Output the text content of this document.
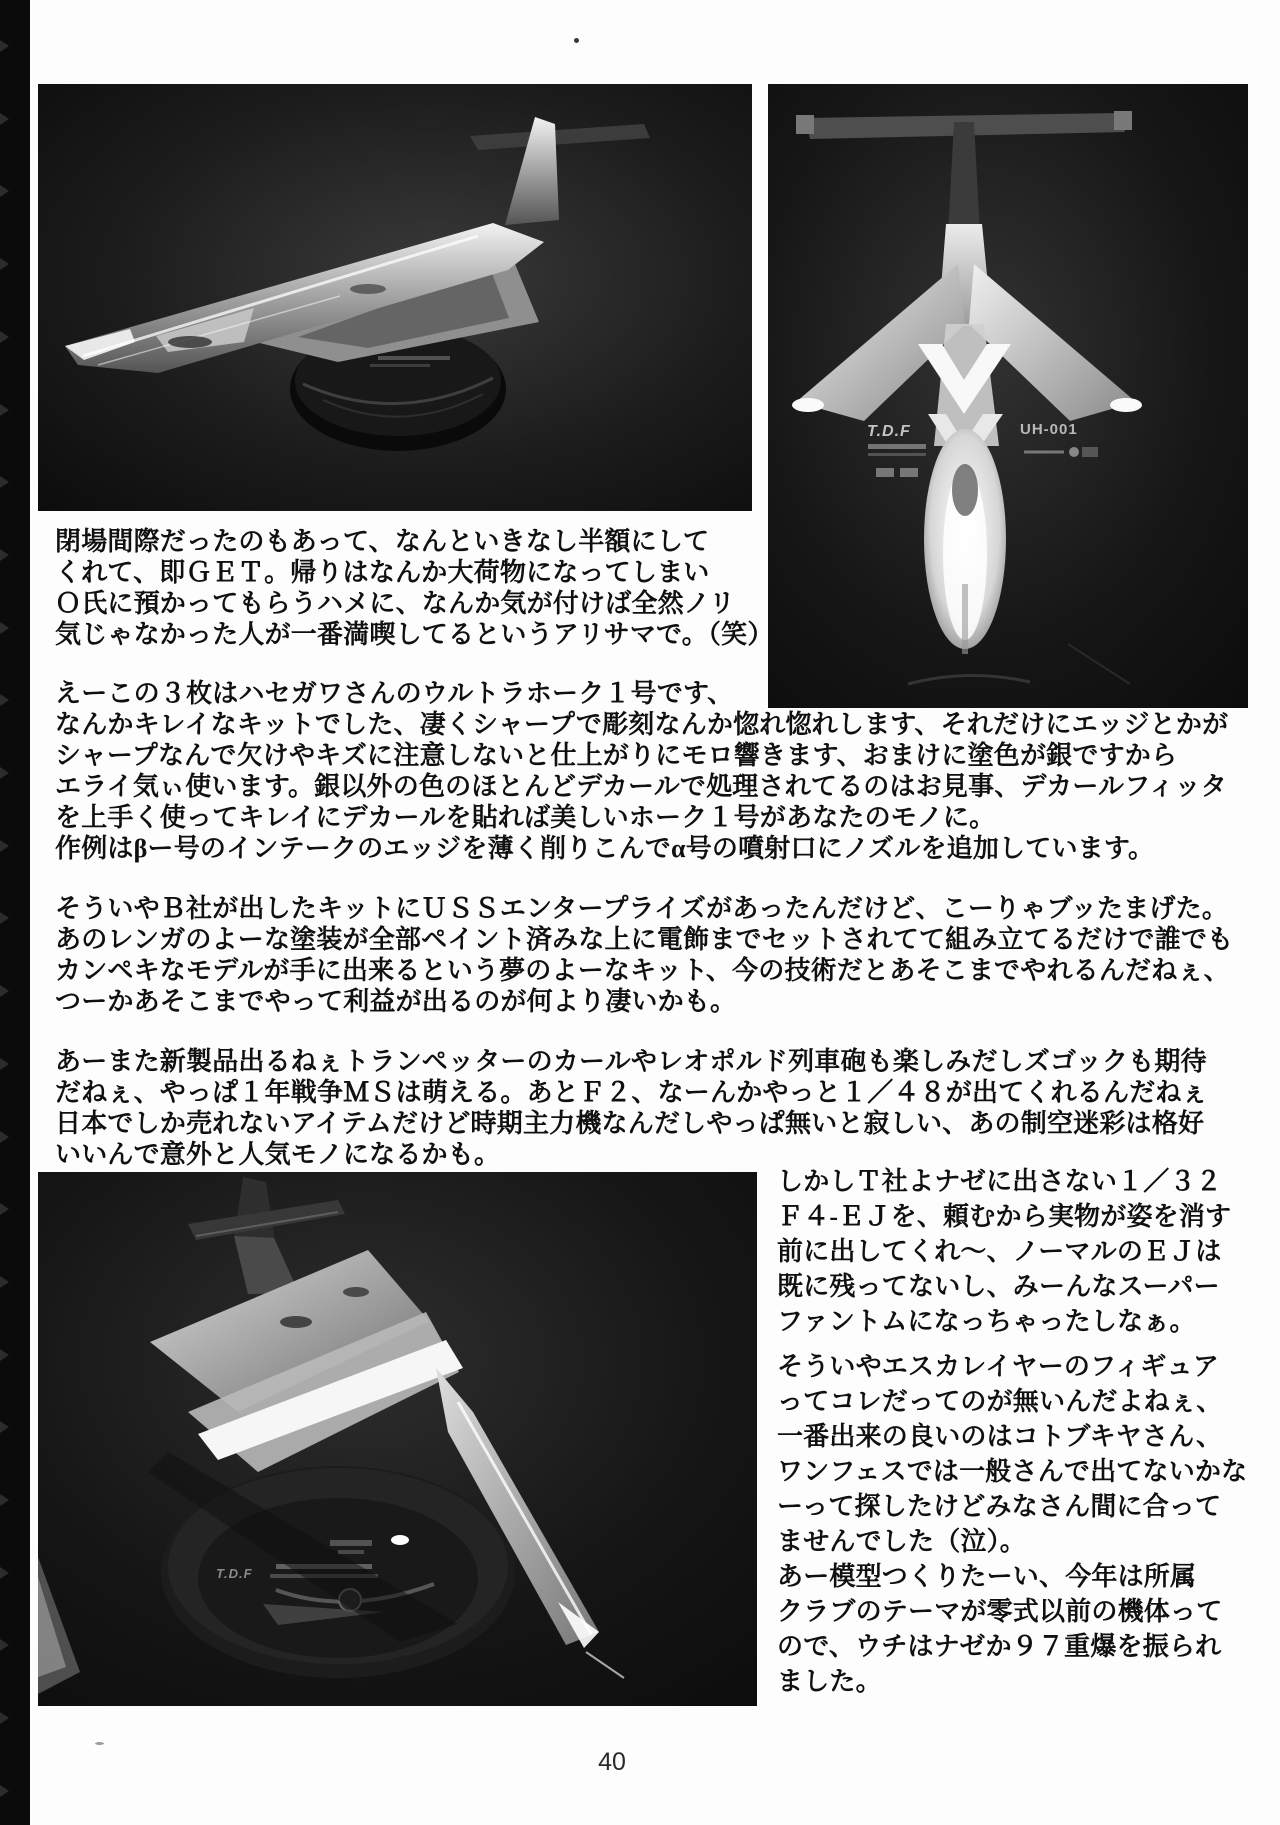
T.D.F	UH-001
T.D.F
閉場間際だったのもあって、なんといきなし半額にして
くれて、即ＧＥＴ。帰りはなんか大荷物になってしまい
Ｏ氏に預かってもらうハメに、なんか気が付けば全然ノリ
気じゃなかった人が一番満喫してるというアリサマで。（笑）
えーこの３枚はハセガワさんのウルトラホーク１号です、
なんかキレイなキットでした、凄くシャープで彫刻なんか惚れ惚れします、それだけにエッジとかが
シャープなんで欠けやキズに注意しないと仕上がりにモロ響きます、おまけに塗色が銀ですから
エライ気ぃ使います。銀以外の色のほとんどデカールで処理されてるのはお見事、デカールフィッタ
を上手く使ってキレイにデカールを貼れば美しいホーク１号があなたのモノに。
作例はβー号のインテークのエッジを薄く削りこんでα号の噴射口にノズルを追加しています。
そういやＢ社が出したキットにＵＳＳエンタープライズがあったんだけど、こーりゃブッたまげた。
あのレンガのよーな塗装が全部ペイント済みな上に電飾までセットされてて組み立てるだけで誰でも
カンペキなモデルが手に出来るという夢のよーなキット、今の技術だとあそこまでやれるんだねぇ、
つーかあそこまでやって利益が出るのが何より凄いかも。
あーまた新製品出るねぇトランペッターのカールやレオポルド列車砲も楽しみだしズゴックも期待
だねぇ、やっぱ１年戦争ＭＳは萌える。あとＦ２、なーんかやっと１／４８が出てくれるんだねぇ
日本でしか売れないアイテムだけど時期主力機なんだしやっぱ無いと寂しい、あの制空迷彩は格好
いいんで意外と人気モノになるかも。
しかしＴ社よナゼに出さない１／３２
Ｆ４-ＥＪを、頼むから実物が姿を消す
前に出してくれ～、ノーマルのＥＪは
既に残ってないし、みーんなスーパー
ファントムになっちゃったしなぁ。
そういやエスカレイヤーのフィギュア
ってコレだってのが無いんだよねぇ、
一番出来の良いのはコトブキヤさん、
ワンフェスでは一般さんで出てないかな
ーって探したけどみなさん間に合って
ませんでした（泣）。
あー模型つくりたーい、今年は所属
クラブのテーマが零式以前の機体って
ので、ウチはナゼか９７重爆を振られ
ました。
40
